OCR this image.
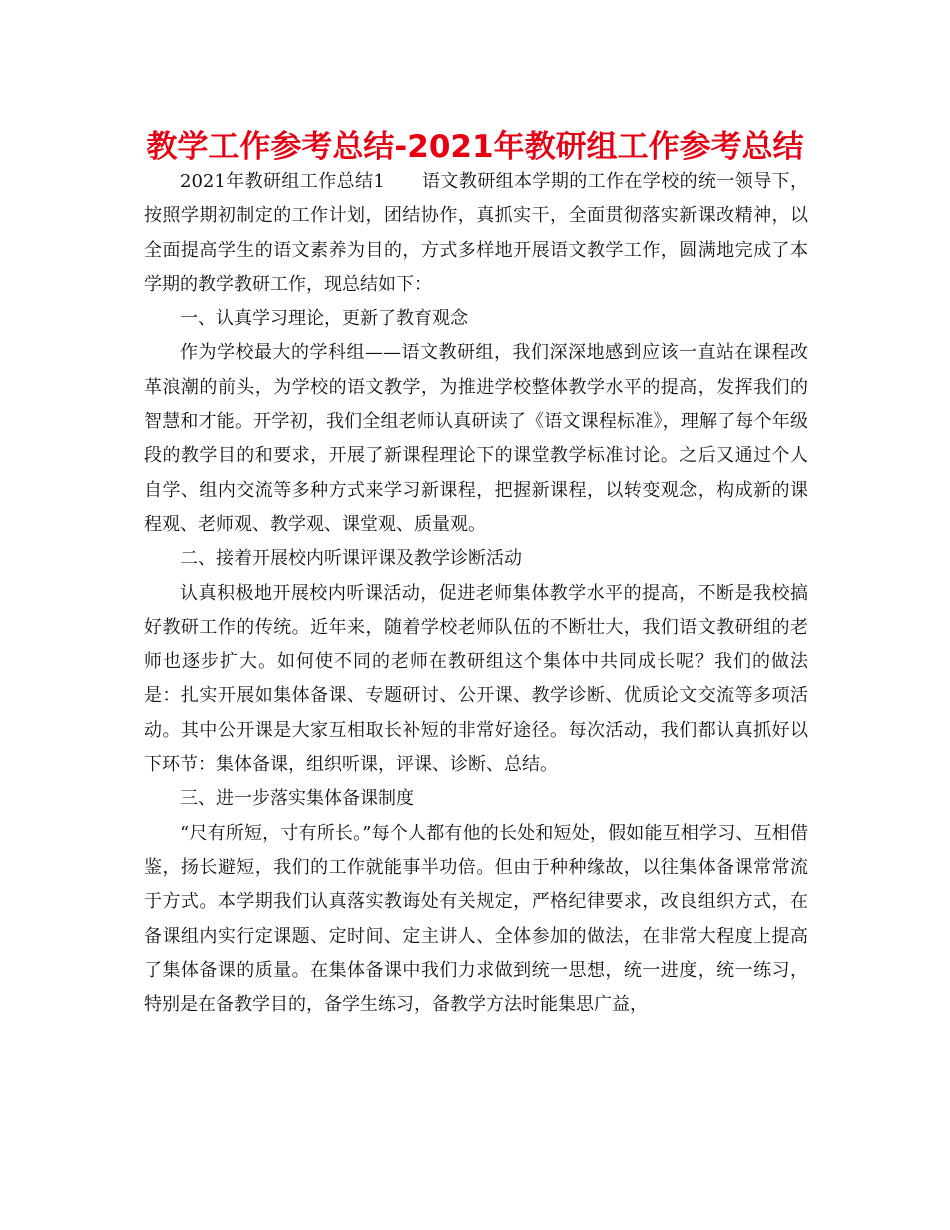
教学工作参考总结-2021年教研组工作参考总结

2021年教研组工作总结1　　语文教研组本学期的工作在学校的统一领导下，按照学期初制定的工作计划，团结协作，真抓实干，全面贯彻落实新课改精神，以全面提高学生的语文素养为目的，方式多样地开展语文教学工作，圆满地完成了本学期的教学教研工作，现总结如下：

一、认真学习理论，更新了教育观念

作为学校最大的学科组——语文教研组，我们深深地感到应该一直站在课程改革浪潮的前头，为学校的语文教学，为推进学校整体教学水平的提高，发挥我们的智慧和才能。开学初，我们全组老师认真研读了《语文课程标准》，理解了每个年级段的教学目的和要求，开展了新课程理论下的课堂教学标准讨论。之后又通过个人自学、组内交流等多种方式来学习新课程，把握新课程，以转变观念，构成新的课程观、老师观、教学观、课堂观、质量观。

二、接着开展校内听课评课及教学诊断活动

认真积极地开展校内听课活动，促进老师集体教学水平的提高，不断是我校搞好教研工作的传统。近年来，随着学校老师队伍的不断壮大，我们语文教研组的老师也逐步扩大。如何使不同的老师在教研组这个集体中共同成长呢？我们的做法是：扎实开展如集体备课、专题研讨、公开课、教学诊断、优质论文交流等多项活动。其中公开课是大家互相取长补短的非常好途径。每次活动，我们都认真抓好以下环节：集体备课，组织听课，评课、诊断、总结。

三、进一步落实集体备课制度

“尺有所短，寸有所长。”每个人都有他的长处和短处，假如能互相学习、互相借鉴，扬长避短，我们的工作就能事半功倍。但由于种种缘故，以往集体备课常常流于方式。本学期我们认真落实教诲处有关规定，严格纪律要求，改良组织方式，在备课组内实行定课题、定时间、定主讲人、全体参加的做法，在非常大程度上提高了集体备课的质量。在集体备课中我们力求做到统一思想，统一进度，统一练习，特别是在备教学目的，备学生练习，备教学方法时能集思广益，
